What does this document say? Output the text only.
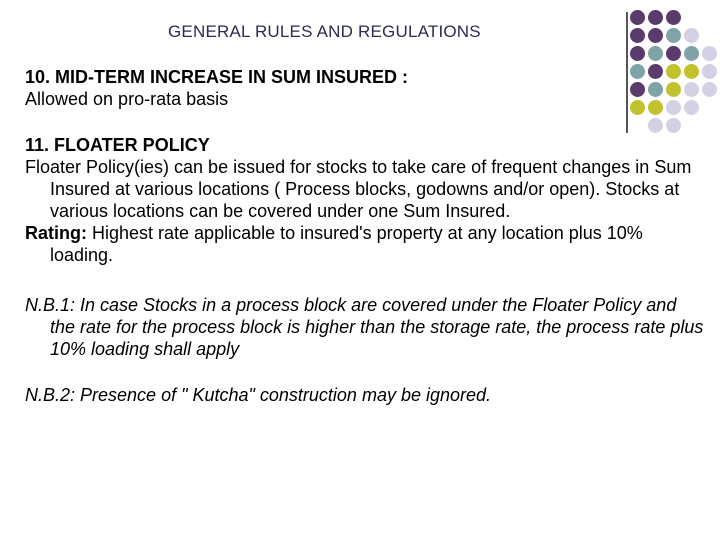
GENERAL RULES AND REGULATIONS

10. MID-TERM INCREASE IN SUM INSURED :

Allowed on pro-rata basis

11. FLOATER POLICY

Floater Policy(ies) can be issued for stocks to take care of frequent changes in Sum Insured at various locations ( Process blocks, godowns and/or open). Stocks at various locations can be covered under one Sum Insured.

Rating: Highest rate applicable to insured's property at any location plus 10% loading.

N.B.1: In case Stocks in a process block are covered under the Floater Policy and the rate for the process block is higher than the storage rate, the process rate plus 10% loading shall apply

N.B.2: Presence of " Kutcha" construction may be ignored.
